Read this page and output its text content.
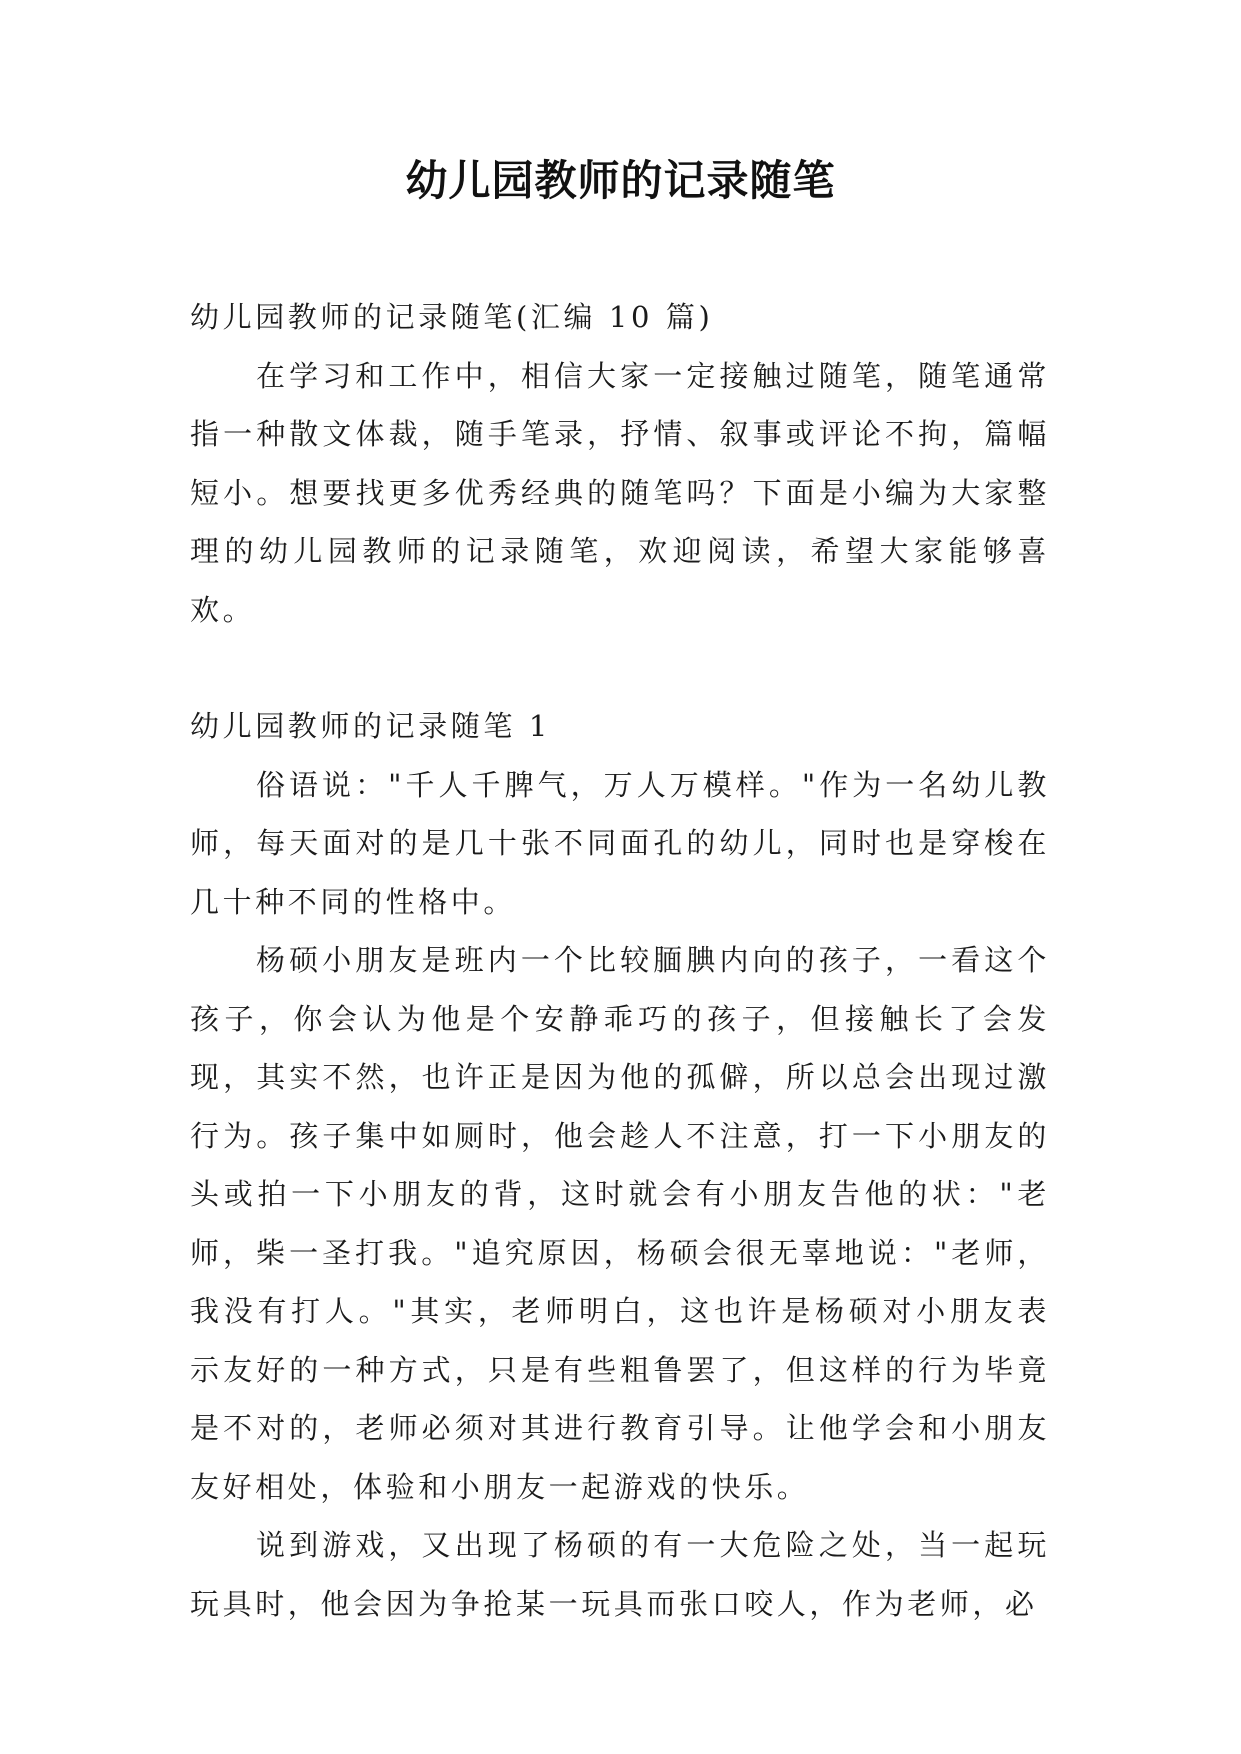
幼儿园教师的记录随笔

幼儿园教师的记录随笔(汇编 10 篇)

在学习和工作中，相信大家一定接触过随笔，随笔通常指一种散文体裁，随手笔录，抒情、叙事或评论不拘，篇幅短小。想要找更多优秀经典的随笔吗？下面是小编为大家整理的幼儿园教师的记录随笔，欢迎阅读，希望大家能够喜欢。

幼儿园教师的记录随笔 1

俗语说："千人千脾气，万人万模样。"作为一名幼儿教师，每天面对的是几十张不同面孔的幼儿，同时也是穿梭在几十种不同的性格中。

杨硕小朋友是班内一个比较腼腆内向的孩子，一看这个孩子，你会认为他是个安静乖巧的孩子，但接触长了会发现，其实不然，也许正是因为他的孤僻，所以总会出现过激行为。孩子集中如厕时，他会趁人不注意，打一下小朋友的头或拍一下小朋友的背，这时就会有小朋友告他的状："老师，柴一圣打我。"追究原因，杨硕会很无辜地说："老师，我没有打人。"其实，老师明白，这也许是杨硕对小朋友表示友好的一种方式，只是有些粗鲁罢了，但这样的行为毕竟是不对的，老师必须对其进行教育引导。让他学会和小朋友友好相处，体验和小朋友一起游戏的快乐。

说到游戏，又出现了杨硕的有一大危险之处，当一起玩玩具时，他会因为争抢某一玩具而张口咬人，作为老师，必
